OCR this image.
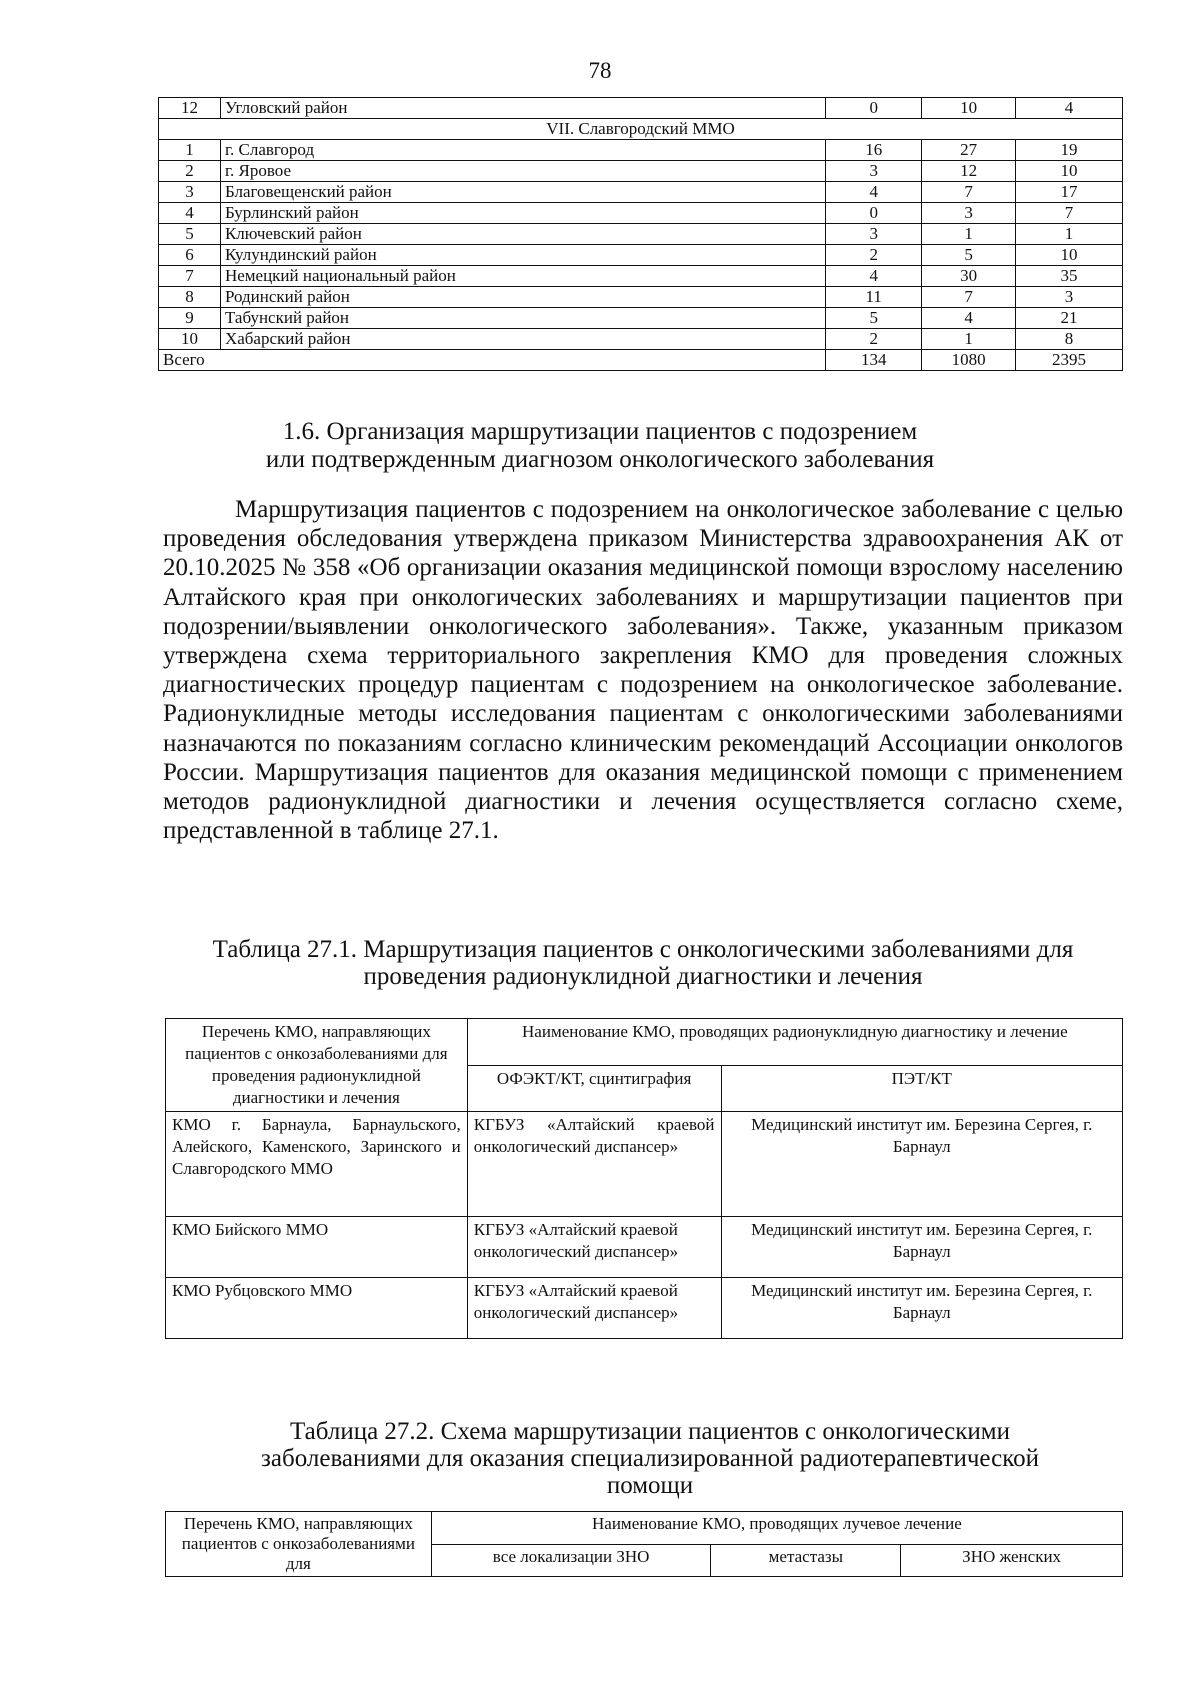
78
12	Угловский район	0	10	4
VII. Славгородский ММО				
1	г. Славгород	16	27	19
2	г. Яровое	3	12	10
3	Благовещенский район	4	7	17
4	Бурлинский район	0	3	7
5	Ключевский район	3	1	1
6	Кулундинский район	2	5	10
7	Немецкий национальный район	4	30	35
8	Родинский район	11	7	3
9	Табунский район	5	4	21
10	Хабарский район	2	1	8
Всего		134	1080	2395
1.6. Организация маршрутизации пациентов с подозрением
или подтвержденным диагнозом онкологического заболевания
Маршрутизация пациентов с подозрением на онкологическое заболевание с целью проведения обследования утверждена приказом Министерства здравоохранения АК от 20.10.2025 № 358 «Об организации оказания медицинской помощи взрослому населению Алтайского края при онкологических заболеваниях и маршрутизации пациентов при подозрении/выявлении онкологического заболевания». Также, указанным приказом утверждена схема территориального закрепления КМО для проведения сложных диагностических процедур пациентам с подозрением на онкологическое заболевание. Радионуклидные методы исследования пациентам с онкологическими заболеваниями назначаются по показаниям согласно клиническим рекомендаций Ассоциации онкологов России. Маршрутизация пациентов для оказания медицинской помощи с применением методов радионуклидной диагностики и лечения осуществляется согласно схеме, представленной в таблице 27.1.
Таблица 27.1. Маршрутизация пациентов с онкологическими заболеваниями для
проведения радионуклидной диагностики и лечения
Перечень КМО, направляющих пациентов с онкозаболеваниями для проведения радионуклидной диагностики и лечения	Наименование КМО, проводящих радионуклидную диагностику и лечение	
	ОФЭКТ/КТ, сцинтиграфия	ПЭТ/КТ
КМО г. Барнаула, Барнаульского, Алейского, Каменского, Заринского и Славгородского ММО	КГБУЗ «Алтайский краевой онкологический диспансер»	Медицинский институт им. Березина Сергея, г. Барнаул
КМО Бийского ММО	КГБУЗ «Алтайский краевой онкологический диспансер»	Медицинский институт им. Березина Сергея, г. Барнаул
КМО Рубцовского ММО	КГБУЗ «Алтайский краевой онкологический диспансер»	Медицинский институт им. Березина Сергея, г. Барнаул
Таблица 27.2. Схема маршрутизации пациентов с онкологическими
заболеваниями для оказания специализированной радиотерапевтической
помощи
Перечень КМО, направляющих пациентов с онкозаболеваниями для	Наименование КМО, проводящих лучевое лечение		
	все локализации ЗНО	метастазы	ЗНО женских
